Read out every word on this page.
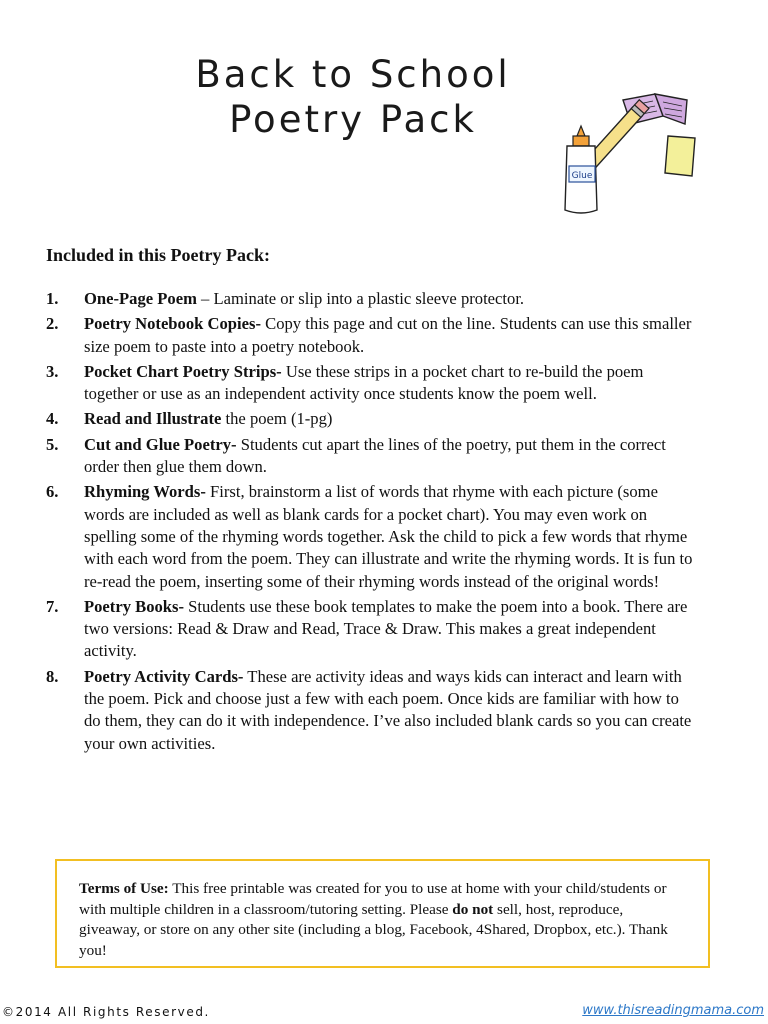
Back to School
Poetry Pack
Glue
Included in this Poetry Pack:
1. One-Page Poem – Laminate or slip into a plastic sleeve protector.
2. Poetry Notebook Copies- Copy this page and cut on the line. Students can use this smaller size poem to paste into a poetry notebook.
3. Pocket Chart Poetry Strips- Use these strips in a pocket chart to re-build the poem together or use as an independent activity once students know the poem well.
4. Read and Illustrate the poem (1-pg)
5. Cut and Glue Poetry- Students cut apart the lines of the poetry, put them in the correct order then glue them down.
6. Rhyming Words- First, brainstorm a list of words that rhyme with each picture (some words are included as well as blank cards for a pocket chart). You may even work on spelling some of the rhyming words together. Ask the child to pick a few words that rhyme with each word from the poem. They can illustrate and write the rhyming words. It is fun to re-read the poem, inserting some of their rhyming words instead of the original words!
7. Poetry Books- Students use these book templates to make the poem into a book. There are two versions: Read & Draw and Read, Trace & Draw. This makes a great independent activity.
8. Poetry Activity Cards- These are activity ideas and ways kids can interact and learn with the poem. Pick and choose just a few with each poem. Once kids are familiar with how to do them, they can do it with independence. I’ve also included blank cards so you can create your own activities.
Terms of Use: This free printable was created for you to use at home with your child/students or with multiple children in a classroom/tutoring setting. Please do not sell, host, reproduce, giveaway, or store on any other site (including a blog, Facebook, 4Shared, Dropbox, etc.). Thank you!
©2014 All Rights Reserved.	www.thisreadingmama.com
